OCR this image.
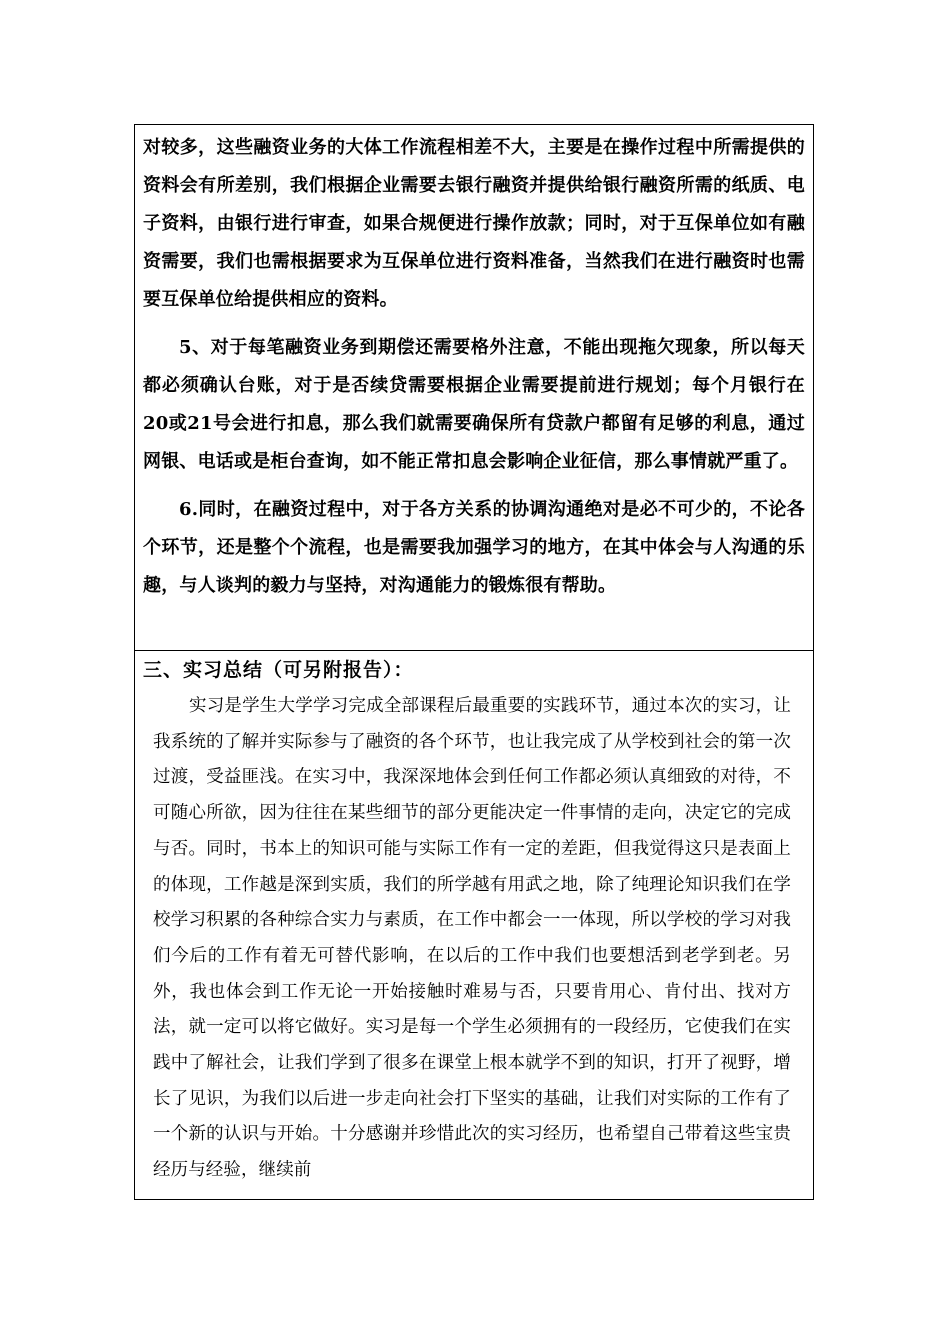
对较多，这些融资业务的大体工作流程相差不大，主要是在操作过程中所需提供的资料会有所差别，我们根据企业需要去银行融资并提供给银行融资所需的纸质、电子资料，由银行进行审查，如果合规便进行操作放款；同时，对于互保单位如有融资需要，我们也需根据要求为互保单位进行资料准备，当然我们在进行融资时也需要互保单位给提供相应的资料。

5、对于每笔融资业务到期偿还需要格外注意，不能出现拖欠现象，所以每天都必须确认台账，对于是否续贷需要根据企业需要提前进行规划；每个月银行在20或21号会进行扣息，那么我们就需要确保所有贷款户都留有足够的利息，通过网银、电话或是柜台查询，如不能正常扣息会影响企业征信，那么事情就严重了。

6.同时，在融资过程中，对于各方关系的协调沟通绝对是必不可少的，不论各个环节，还是整个个流程，也是需要我加强学习的地方，在其中体会与人沟通的乐趣，与人谈判的毅力与坚持，对沟通能力的锻炼很有帮助。

三、实习总结（可另附报告）：

实习是学生大学学习完成全部课程后最重要的实践环节，通过本次的实习，让我系统的了解并实际参与了融资的各个环节，也让我完成了从学校到社会的第一次过渡，受益匪浅。在实习中，我深深地体会到任何工作都必须认真细致的对待，不可随心所欲，因为往往在某些细节的部分更能决定一件事情的走向，决定它的完成与否。同时，书本上的知识可能与实际工作有一定的差距，但我觉得这只是表面上的体现，工作越是深到实质，我们的所学越有用武之地，除了纯理论知识我们在学校学习积累的各种综合实力与素质，在工作中都会一一体现，所以学校的学习对我们今后的工作有着无可替代影响，在以后的工作中我们也要想活到老学到老。另外，我也体会到工作无论一开始接触时难易与否，只要肯用心、肯付出、找对方法，就一定可以将它做好。实习是每一个学生必须拥有的一段经历，它使我们在实践中了解社会，让我们学到了很多在课堂上根本就学不到的知识，打开了视野，增长了见识，为我们以后进一步走向社会打下坚实的基础，让我们对实际的工作有了一个新的认识与开始。十分感谢并珍惜此次的实习经历，也希望自己带着这些宝贵经历与经验，继续前
